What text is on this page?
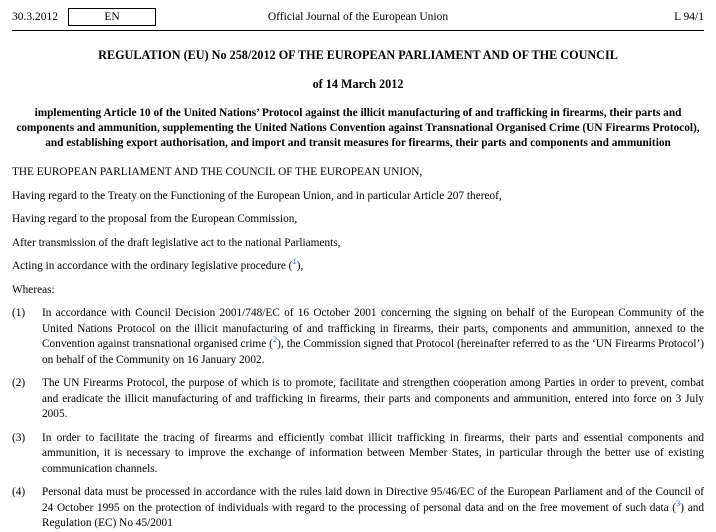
30.3.2012	EN	Official Journal of the European Union	L 94/1
REGULATION (EU) No 258/2012 OF THE EUROPEAN PARLIAMENT AND OF THE COUNCIL
of 14 March 2012
implementing Article 10 of the United Nations’ Protocol against the illicit manufacturing of and trafficking in firearms, their parts and components and ammunition, supplementing the United Nations Convention against Transnational Organised Crime (UN Firearms Protocol), and establishing export authorisation, and import and transit measures for firearms, their parts and components and ammunition
THE EUROPEAN PARLIAMENT AND THE COUNCIL OF THE EUROPEAN UNION,
Having regard to the Treaty on the Functioning of the European Union, and in particular Article 207 thereof,
Having regard to the proposal from the European Commission,
After transmission of the draft legislative act to the national Parliaments,
Acting in accordance with the ordinary legislative procedure ($^1$),
Whereas:
(1)	In accordance with Council Decision 2001/748/EC of 16 October 2001 concerning the signing on behalf of the European Community of the United Nations Protocol on the illicit manufacturing of and trafficking in firearms, their parts, components and ammunition, annexed to the Convention against transnational organised crime ($^2$), the Commission signed that Protocol (hereinafter referred to as the ‘UN Firearms Protocol’) on behalf of the Community on 16 January 2002.
(2)	The UN Firearms Protocol, the purpose of which is to promote, facilitate and strengthen cooperation among Parties in order to prevent, combat and eradicate the illicit manufacturing of and trafficking in firearms, their parts and components and ammunition, entered into force on 3 July 2005.
(3)	In order to facilitate the tracing of firearms and efficiently combat illicit trafficking in firearms, their parts and essential components and ammunition, it is necessary to improve the exchange of information between Member States, in particular through the better use of existing communication channels.
(4)	Personal data must be processed in accordance with the rules laid down in Directive 95/46/EC of the European Parliament and of the Council of 24 October 1995 on the protection of individuals with regard to the processing of personal data and on the free movement of such data ($^3$) and Regulation (EC) No 45/2001
